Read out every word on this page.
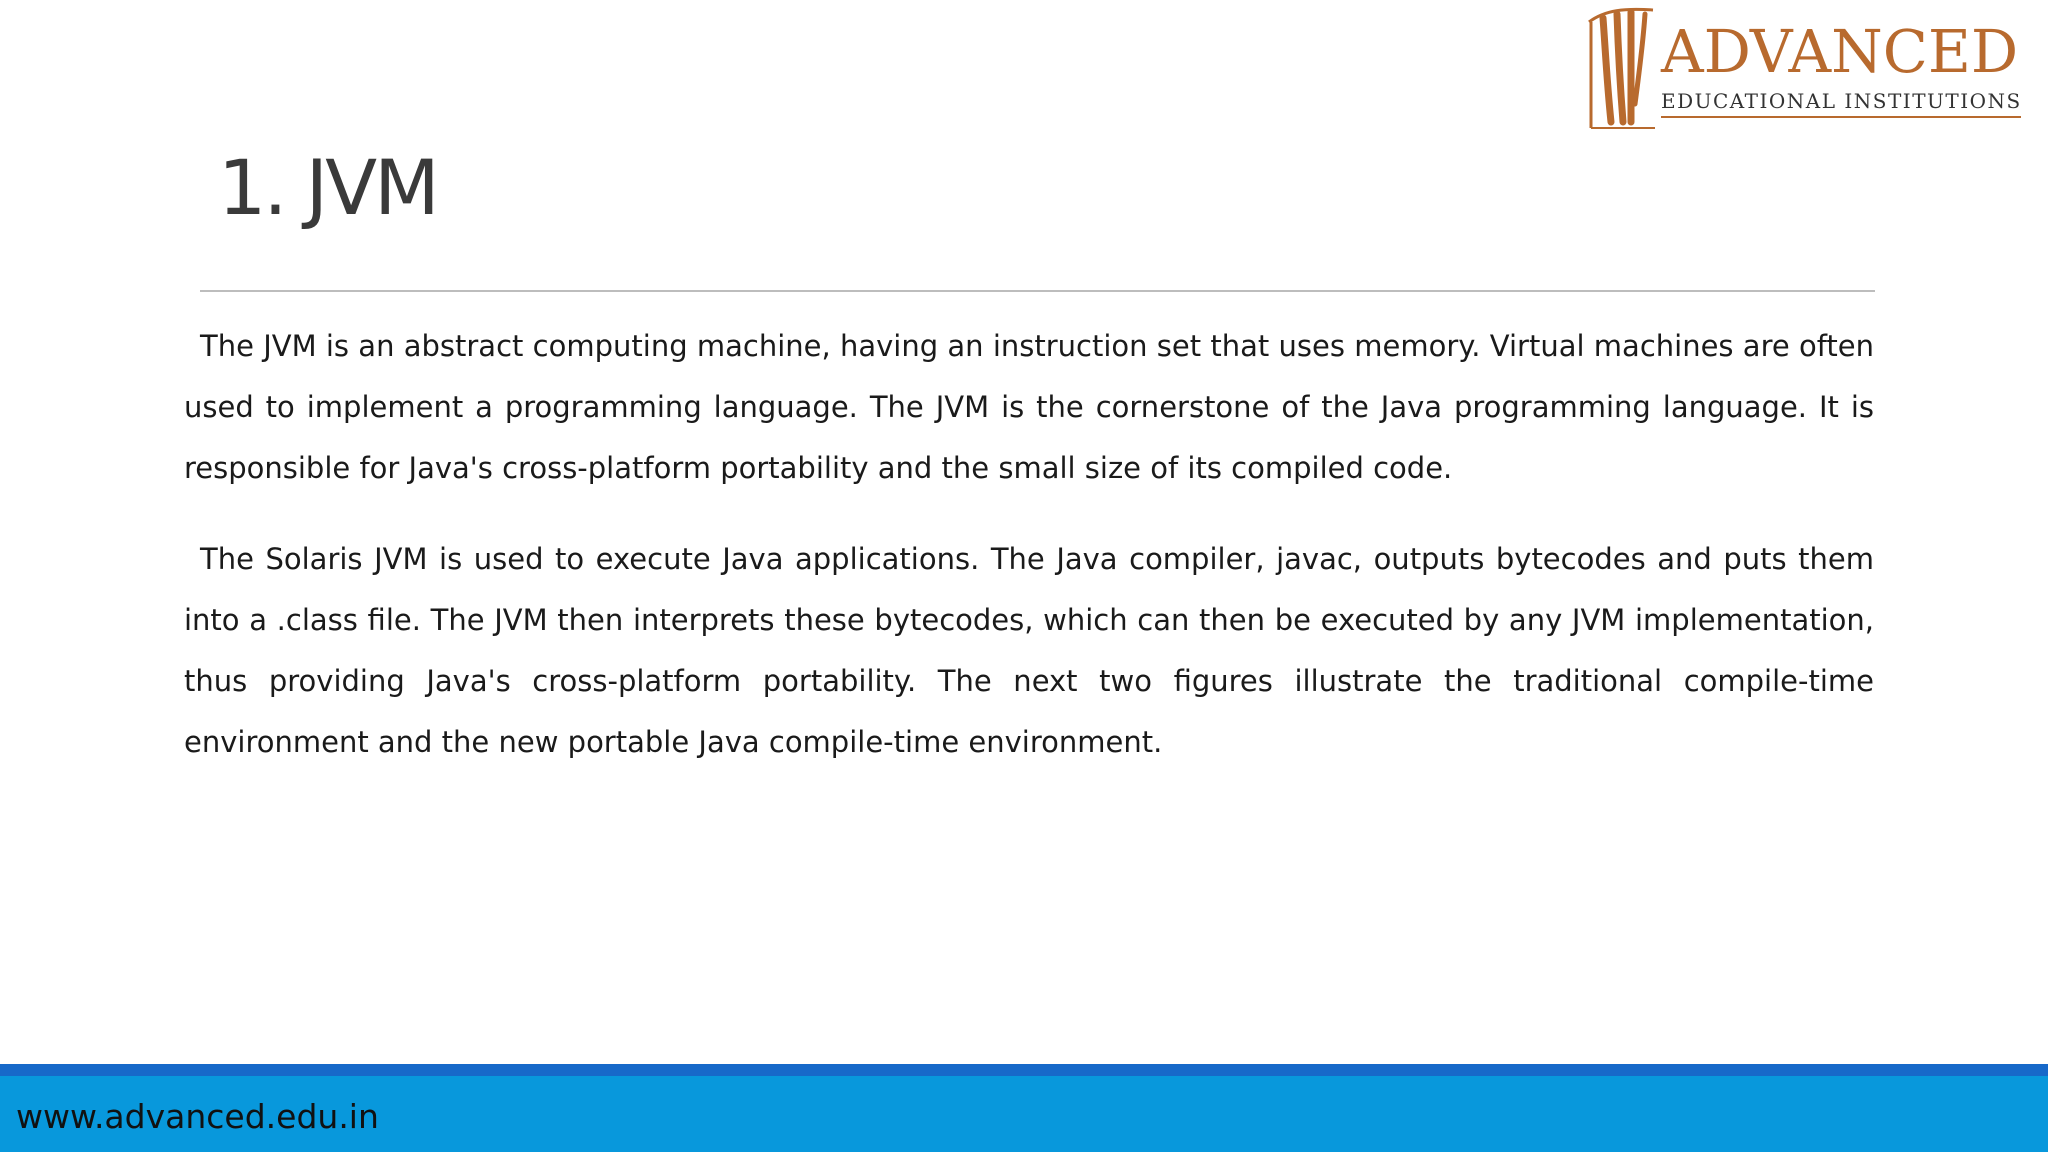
ADVANCED
EDUCATIONAL INSTITUTIONS
1. JVM

The JVM is an abstract computing machine, having an instruction set that uses memory. Virtual machines are often used to implement a programming language. The JVM is the cornerstone of the Java programming language. It is responsible for Java's cross-platform portability and the small size of its compiled code.

The Solaris JVM is used to execute Java applications. The Java compiler, javac, outputs bytecodes and puts them into a .class file. The JVM then interprets these bytecodes, which can then be executed by any JVM implementation, thus providing Java's cross-platform portability. The next two figures illustrate the traditional compile-time environment and the new portable Java compile-time environment.

www.advanced.edu.in
